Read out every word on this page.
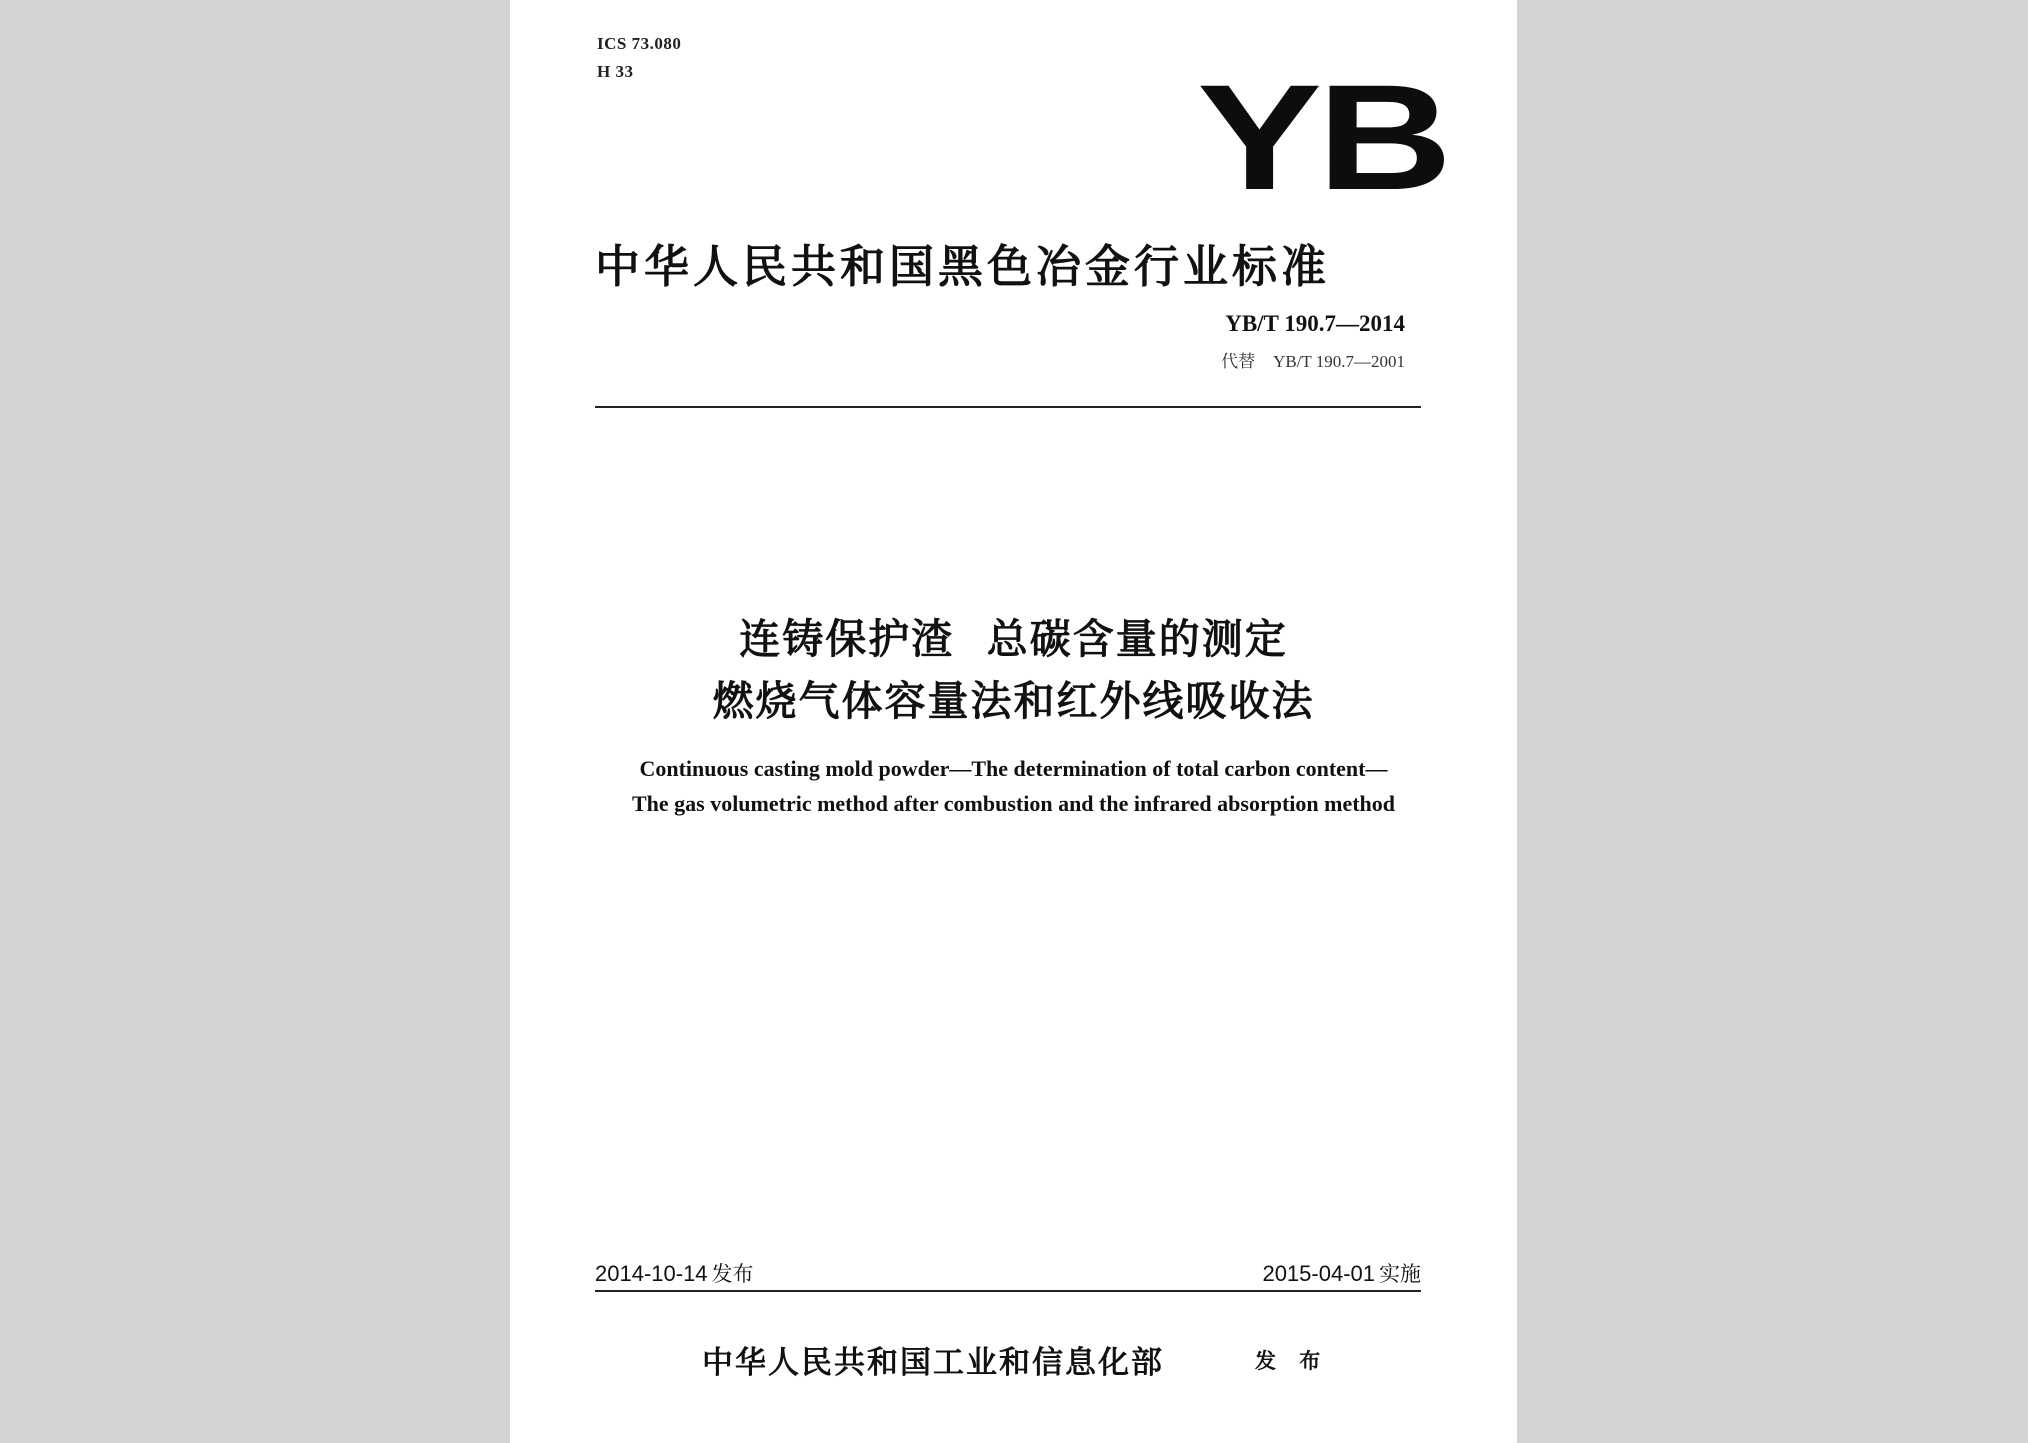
ICS 73.080
H 33	YB
中华人民共和国黑色冶金行业标准
YB/T 190.7—2014
代替 YB/T 190.7—2001
连铸保护渣  总碳含量的测定
燃烧气体容量法和红外线吸收法
Continuous casting mold powder—The determination of total carbon content—
The gas volumetric method after combustion and the infrared absorption method
2014-10-14 发布	2015-04-01 实施
中华人民共和国工业和信息化部	发 布
